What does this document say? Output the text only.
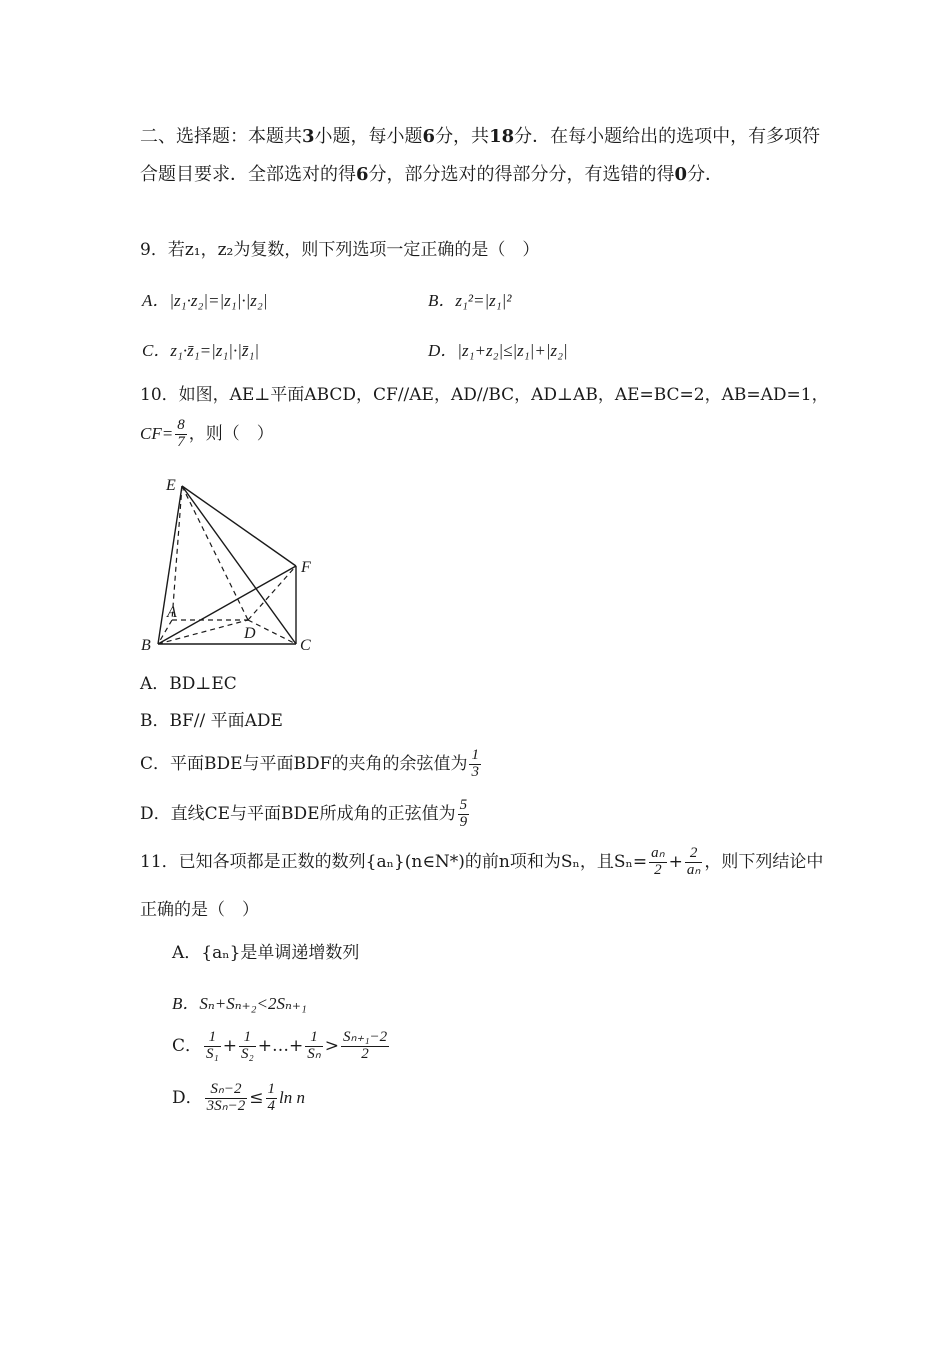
二、选择题：本题共3小题，每小题6分，共18分．在每小题给出的选项中，有多项符合题目要求．全部选对的得6分，部分选对的得部分分，有选错的得0分．
9．若z₁，z₂为复数，则下列选项一定正确的是（　）
A．|z₁·z₂|=|z₁|·|z₂|	B．z₁²=|z₁|²
C．z₁·z̄₁=|z₁|·|z̄₁|	D．|z₁+z₂|≤|z₁|+|z₂|
10．如图，AE⊥平面ABCD，CF//AE，AD//BC，AD⊥AB，AE=BC=2，AB=AD=1，
$CF= \frac{8}{7}$ ，则（　）
E
F
A
D
B	C
A．BD⊥EC
B．BF// 平面ADE
C．平面BDE与平面BDF的夹角的余弦值为 $\frac{1}{3}$
D．直线CE与平面BDE所成角的正弦值为 $\frac{5}{9}$
11．已知各项都是正数的数列{aₙ}(n∈N*)的前n项和为Sₙ，且$S_n= \frac{\text{aₙ}}{2} + \frac{2}{\text{aₙ}}$ ，则下列结论中
正确的是（　）
A．{aₙ}是单调递增数列
B．Sₙ+Sₙ₊₂<2Sₙ₊₁
C． $\frac{1}{\text{S₁}} + \frac{1}{\text{S₂}}$ +…+ $\frac{1}{\text{Sₙ}} > \frac{\text{Sₙ₊₁−2}}{2}$
D． $\frac{\text{Sₙ−2}}{\text{3Sₙ−2}} \le \frac{1}{4}$ ln n
